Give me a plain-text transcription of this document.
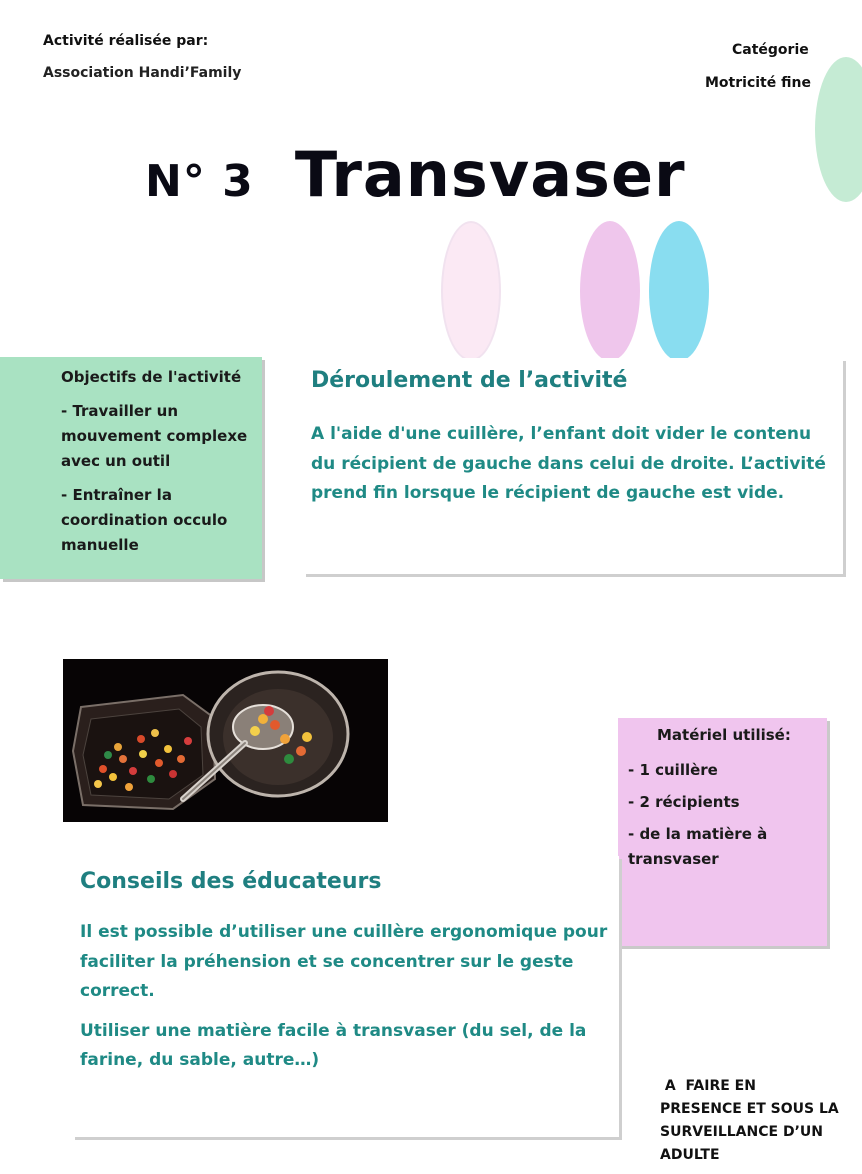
Activité réalisée par:
Association Handi’Family
Catégorie
Motricité fine
N° 3 Transvaser

Objectifs de l'activité

- Travailler un mouvement complexe avec un outil

- Entraîner la coordination occulo manuelle

Déroulement de l’activité
A l'aide d'une cuillère, l’enfant doit vider le contenu du récipient de gauche dans celui de droite. L’activité prend fin lorsque le récipient de gauche est vide.
Matériel utilisé:

- 1 cuillère

- 2 récipients

- de la matière à transvaser

Conseils des éducateurs

Il est possible d’utiliser une cuillère ergonomique pour faciliter la préhension et se concentrer sur le geste correct.

Utiliser une matière facile à transvaser (du sel, de la farine, du sable, autre…)

A  FAIRE EN PRESENCE ET SOUS LA SURVEILLANCE D’UN ADULTE
